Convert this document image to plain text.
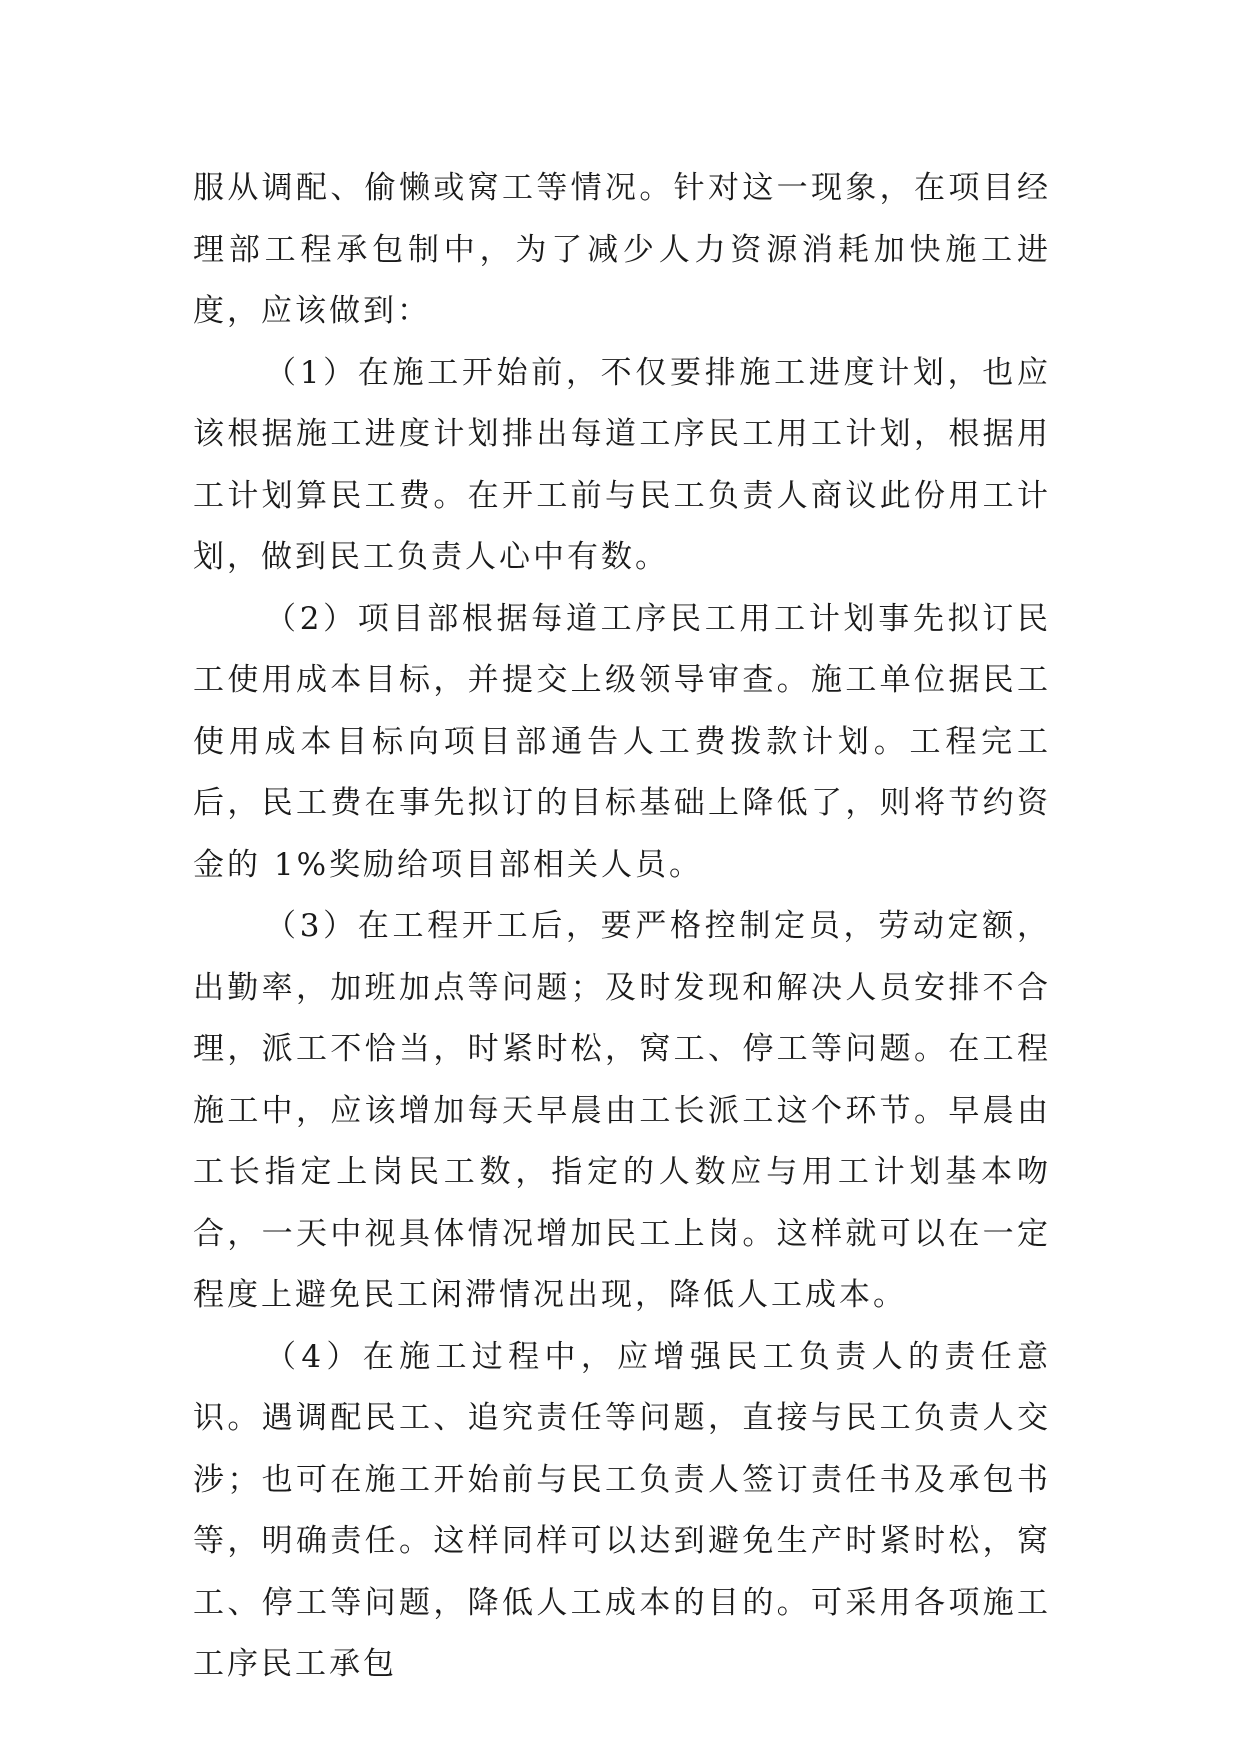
服从调配、偷懒或窝工等情况。针对这一现象，在项目经理部工程承包制中，为了减少人力资源消耗加快施工进度，应该做到：

（1）在施工开始前，不仅要排施工进度计划，也应该根据施工进度计划排出每道工序民工用工计划，根据用工计划算民工费。在开工前与民工负责人商议此份用工计划，做到民工负责人心中有数。

（2）项目部根据每道工序民工用工计划事先拟订民工使用成本目标，并提交上级领导审查。施工单位据民工使用成本目标向项目部通告人工费拨款计划。工程完工后，民工费在事先拟订的目标基础上降低了，则将节约资金的 1%奖励给项目部相关人员。

（3）在工程开工后，要严格控制定员，劳动定额，出勤率，加班加点等问题；及时发现和解决人员安排不合理，派工不恰当，时紧时松，窝工、停工等问题。在工程施工中，应该增加每天早晨由工长派工这个环节。早晨由工长指定上岗民工数，指定的人数应与用工计划基本吻合，一天中视具体情况增加民工上岗。这样就可以在一定程度上避免民工闲滞情况出现，降低人工成本。

（4）在施工过程中，应增强民工负责人的责任意识。遇调配民工、追究责任等问题，直接与民工负责人交涉；也可在施工开始前与民工负责人签订责任书及承包书等，明确责任。这样同样可以达到避免生产时紧时松，窝工、停工等问题，降低人工成本的目的。可采用各项施工工序民工承包
